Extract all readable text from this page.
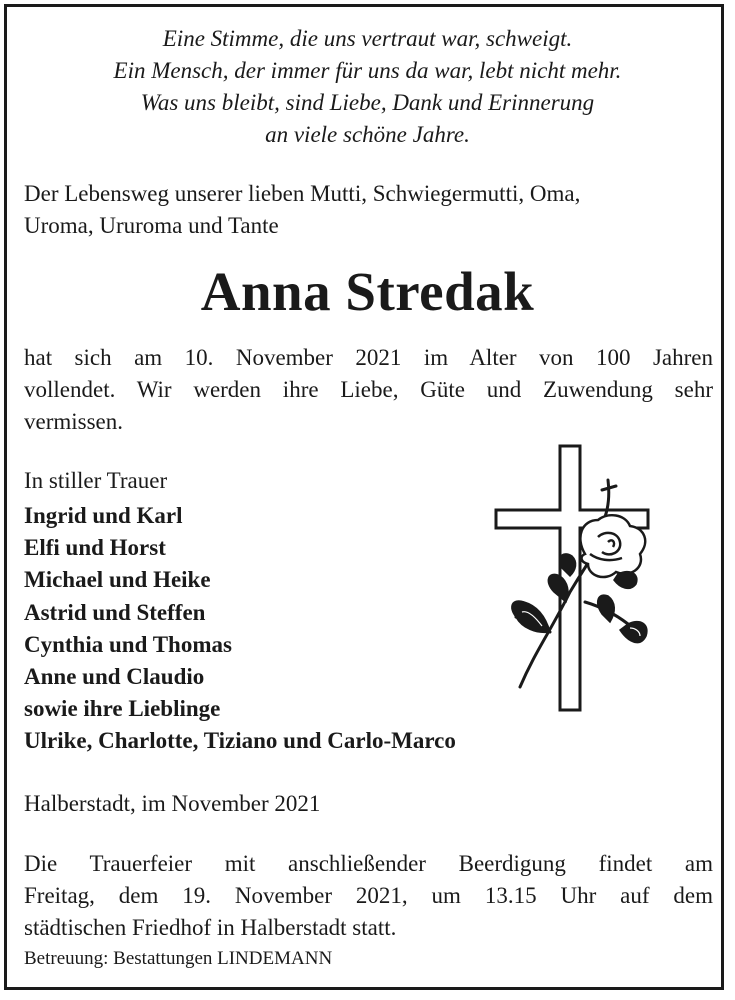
Eine Stimme, die uns vertraut war, schweigt.
Ein Mensch, der immer für uns da war, lebt nicht mehr.
Was uns bleibt, sind Liebe, Dank und Erinnerung
an viele schöne Jahre.
Der Lebensweg unserer lieben Mutti, Schwiegermutti, Oma,
Uroma, Ururoma und Tante
Anna Stredak
hat sich am 10. November 2021 im Alter von 100 Jahren
vollendet. Wir werden ihre Liebe, Güte und Zuwendung sehr
vermissen.
In stiller Trauer
Ingrid und Karl
Elfi und Horst
Michael und Heike
Astrid und Steffen
Cynthia und Thomas
Anne und Claudio
sowie ihre Lieblinge
Ulrike, Charlotte, Tiziano und Carlo-Marco
Halberstadt, im November 2021
Die Trauerfeier mit anschließender Beerdigung findet am
Freitag, dem 19. November 2021, um 13.15 Uhr auf dem
städtischen Friedhof in Halberstadt statt.
Betreuung: Bestattungen LINDEMANN
